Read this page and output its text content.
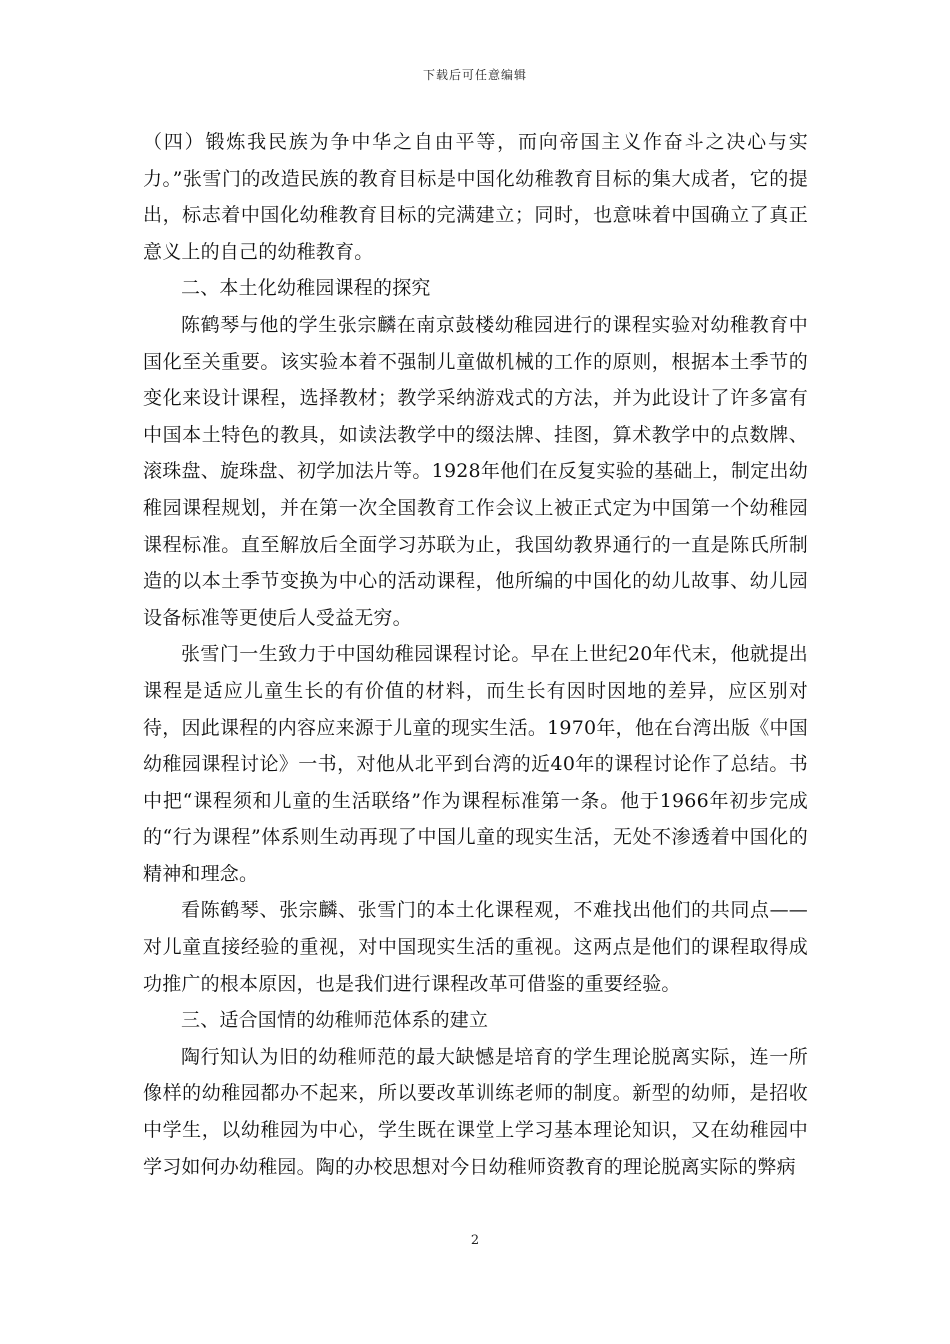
下载后可任意编辑

（四）锻炼我民族为争中华之自由平等，而向帝国主义作奋斗之决心与实力。”张雪门的改造民族的教育目标是中国化幼稚教育目标的集大成者，它的提出，标志着中国化幼稚教育目标的完满建立；同时，也意味着中国确立了真正意义上的自己的幼稚教育。

二、本土化幼稚园课程的探究

陈鹤琴与他的学生张宗麟在南京鼓楼幼稚园进行的课程实验对幼稚教育中国化至关重要。该实验本着不强制儿童做机械的工作的原则，根据本土季节的变化来设计课程，选择教材；教学采纳游戏式的方法，并为此设计了许多富有中国本土特色的教具，如读法教学中的缀法牌、挂图，算术教学中的点数牌、滚珠盘、旋珠盘、初学加法片等。1928年他们在反复实验的基础上，制定出幼稚园课程规划，并在第一次全国教育工作会议上被正式定为中国第一个幼稚园课程标准。直至解放后全面学习苏联为止，我国幼教界通行的一直是陈氏所制造的以本土季节变换为中心的活动课程，他所编的中国化的幼儿故事、幼儿园设备标准等更使后人受益无穷。

张雪门一生致力于中国幼稚园课程讨论。早在上世纪20年代末，他就提出课程是适应儿童生长的有价值的材料，而生长有因时因地的差异，应区别对待，因此课程的内容应来源于儿童的现实生活。1970年，他在台湾出版《中国幼稚园课程讨论》一书，对他从北平到台湾的近40年的课程讨论作了总结。书中把“课程须和儿童的生活联络”作为课程标准第一条。他于1966年初步完成的“行为课程”体系则生动再现了中国儿童的现实生活，无处不渗透着中国化的精神和理念。

看陈鹤琴、张宗麟、张雪门的本土化课程观，不难找出他们的共同点——对儿童直接经验的重视，对中国现实生活的重视。这两点是他们的课程取得成功推广的根本原因，也是我们进行课程改革可借鉴的重要经验。

三、适合国情的幼稚师范体系的建立

陶行知认为旧的幼稚师范的最大缺憾是培育的学生理论脱离实际，连一所像样的幼稚园都办不起来，所以要改革训练老师的制度。新型的幼师，是招收中学生，以幼稚园为中心，学生既在课堂上学习基本理论知识，又在幼稚园中学习如何办幼稚园。陶的办校思想对今日幼稚师资教育的理论脱离实际的弊病

2
